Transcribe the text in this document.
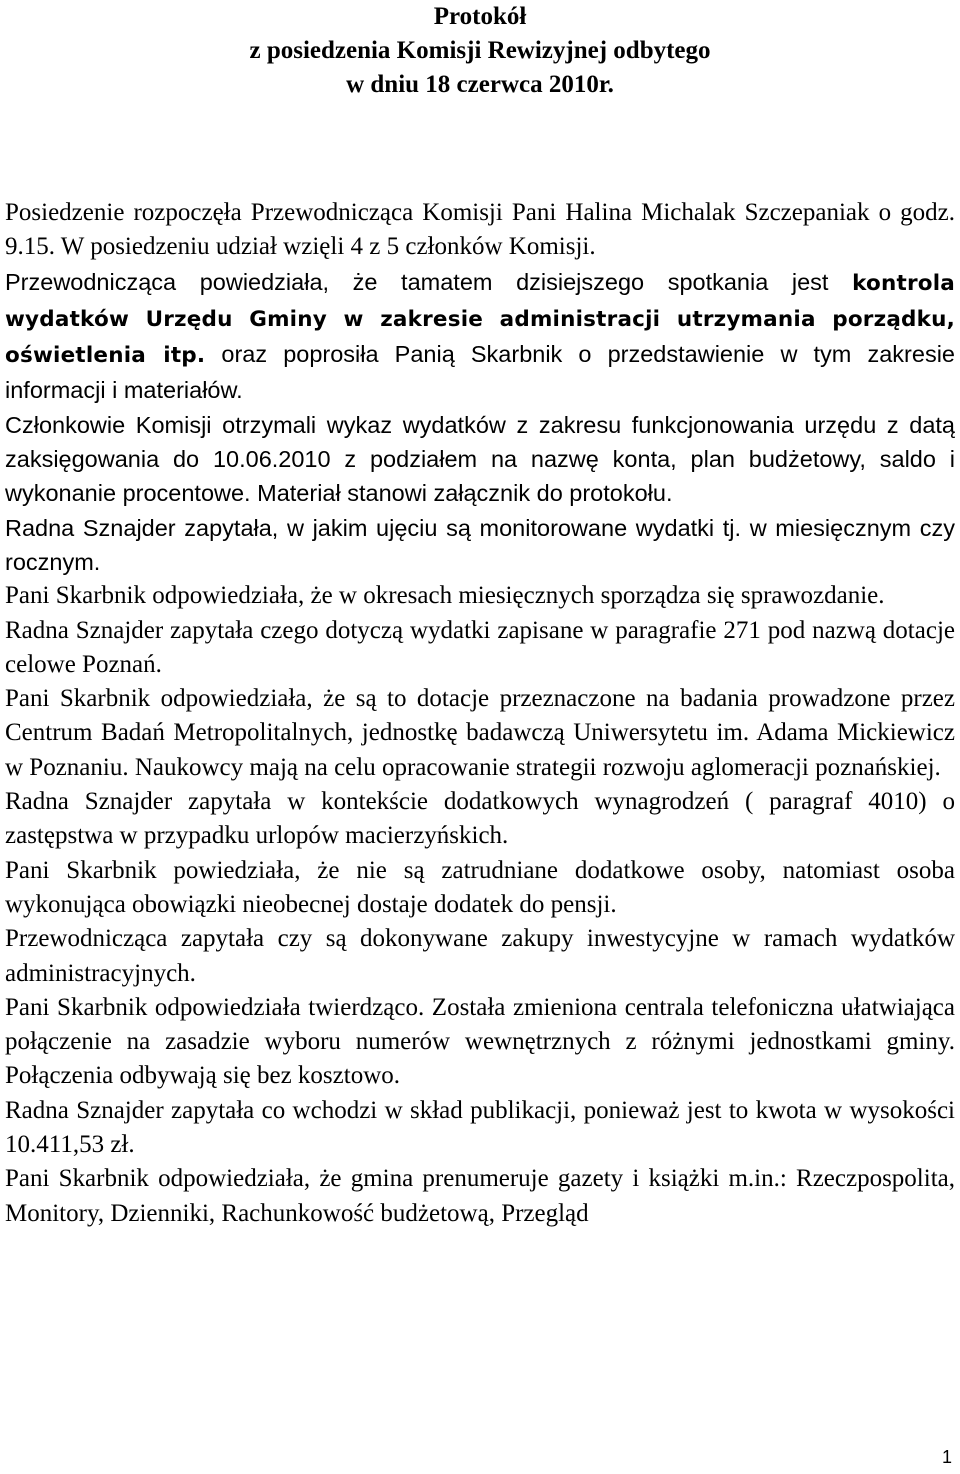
Protokół
z posiedzenia Komisji Rewizyjnej odbytego
w dniu 18 czerwca 2010r.

Posiedzenie rozpoczęła Przewodnicząca Komisji Pani Halina Michalak Szczepaniak o godz. 9.15. W posiedzeniu udział wzięli 4 z 5 członków Komisji.

Przewodnicząca powiedziała, że tamatem dzisiejszego spotkania jest kontrola wydatków Urzędu Gminy w zakresie administracji utrzymania porządku, oświetlenia itp. oraz poprosiła Panią Skarbnik o przedstawienie w tym zakresie informacji i materiałów.

Członkowie Komisji otrzymali wykaz wydatków z zakresu funkcjonowania urzędu z datą zaksięgowania do 10.06.2010 z podziałem na nazwę konta, plan budżetowy, saldo i wykonanie procentowe. Materiał stanowi załącznik do protokołu.

Radna Sznajder zapytała, w jakim ujęciu są monitorowane wydatki tj. w miesięcznym czy rocznym.

Pani Skarbnik odpowiedziała, że w okresach miesięcznych sporządza się sprawozdanie.

Radna Sznajder zapytała czego dotyczą wydatki zapisane w paragrafie 271 pod nazwą dotacje celowe Poznań.

Pani Skarbnik odpowiedziała, że są to dotacje przeznaczone na badania prowadzone przez Centrum Badań Metropolitalnych, jednostkę badawczą Uniwersytetu im. Adama Mickiewicz w Poznaniu. Naukowcy mają na celu opracowanie strategii rozwoju aglomeracji poznańskiej.

Radna Sznajder zapytała w kontekście dodatkowych wynagrodzeń ( paragraf 4010) o zastępstwa w przypadku urlopów macierzyńskich.

Pani Skarbnik powiedziała, że nie są zatrudniane dodatkowe osoby, natomiast osoba wykonująca obowiązki nieobecnej dostaje dodatek do pensji.

Przewodnicząca zapytała czy są dokonywane zakupy inwestycyjne w ramach wydatków administracyjnych.

Pani Skarbnik odpowiedziała twierdząco. Została zmieniona centrala telefoniczna ułatwiająca połączenie na zasadzie wyboru numerów wewnętrznych z różnymi jednostkami gminy. Połączenia odbywają się bez kosztowo.

Radna Sznajder zapytała co wchodzi w skład publikacji, ponieważ jest to kwota w wysokości 10.411,53 zł.

Pani Skarbnik odpowiedziała, że gmina prenumeruje gazety i książki m.in.: Rzeczpospolita, Monitory, Dzienniki, Rachunkowość budżetową, Przegląd

1
